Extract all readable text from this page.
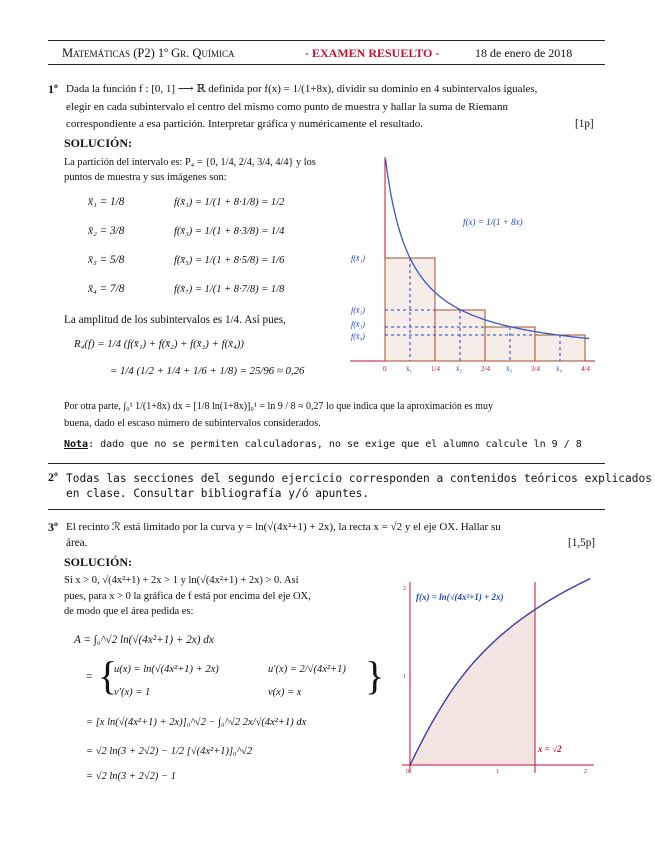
Matemáticas (P2) 1º Gr. Química	- EXAMEN RESUELTO -	18 de enero de 2018
1º Dada la función f : [0, 1] ⟶ ℝ definida por f(x) = 1/(1+8x), dividir su dominio en 4 subintervalos iguales,
elegir en cada subintervalo el centro del mismo como punto de muestra y hallar la suma de Riemann
correspondiente a esa partición. Interpretar gráfica y numéricamente el resultado.	[1p]
SOLUCIÓN:
La partición del intervalo es: P₄ = {0, 1/4, 2/4, 3/4, 4/4} y los
puntos de muestra y sus imágenes son:
x̄₁ = 1/8	f(x̄₁) = 1/(1 + 8·1/8) = 1/2
x̄₂ = 3/8	f(x̄₃) = 1/(1 + 8·3/8) = 1/4
x̄₃ = 5/8	f(x̄₅) = 1/(1 + 8·5/8) = 1/6
x̄₄ = 7/8	f(x̄₇) = 1/(1 + 8·7/8) = 1/8
La amplitud de los subintervalos es 1/4. Así pues,
R₄(f) = 1/4 (f(x̄₁) + f(x̄₂) + f(x̄₃) + f(x̄₄))
= 1/4 (1/2 + 1/4 + 1/6 + 1/8) = 25/96 ≈ 0,26
Por otra parte, ∫₀¹ 1/(1+8x) dx = [1/8 ln(1+8x)]₀¹ = ln 9 / 8 ≈ 0,27 lo que indica que la aproximación es muy
buena, dado el escaso número de subintervalos considerados.
Nota: dado que no se permiten calculadoras, no se exige que el alumno calcule ln 9 / 8
f(x) = 1/(1 + 8x)
f(x̄₁)
f(x̄₂)
f(x̄₃)
f(x̄₄)
0	x̄₁	1/4 x̄₂	2/4 x̄₃	3/4 x̄₄	4/4
2º Todas las secciones del segundo ejercicio corresponden a contenidos teóricos explicados
en clase. Consultar bibliografía y/ó apuntes.
3º El recinto ℛ está limitado por la curva y = ln(√(4x²+1) + 2x), la recta x = √2 y el eje OX. Hallar su
área.	[1,5p]
SOLUCIÓN:
Si x > 0, √(4x²+1) + 2x > 1 y ln(√(4x²+1) + 2x) > 0. Así
pues, para x > 0 la gráfica de f está por encima del eje OX,
de modo que el área pedida es:
A = ∫₀^√2 ln(√(4x²+1) + 2x) dx
{
=
u(x) = ln(√(4x²+1) + 2x)	u′(x) = 2/√(4x²+1)
v′(x) = 1	v(x) = x }
= [x ln(√(4x²+1) + 2x)]₀^√2 − ∫₀^√2 2x/√(4x²+1) dx
= √2 ln(3 + 2√2) − 1/2 [√(4x²+1)]₀^√2
= √2 ln(3 + 2√2) − 1
f(x) = ln(√(4x²+1) + 2x)
x = √2
1
2
0	1	2
